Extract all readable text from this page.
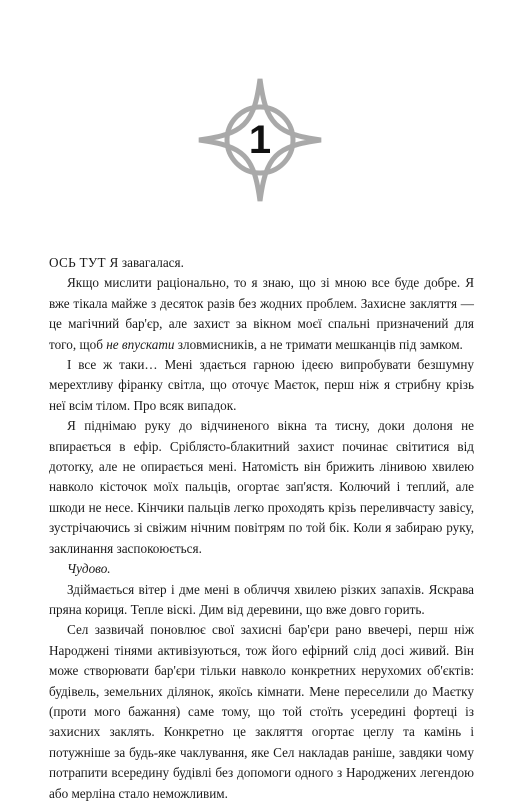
1

ОСЬ ТУТ Я завагалася.

Якщо мислити раціонально, то я знаю, що зі мною все буде добре. Я вже тікала майже з десяток разів без жодних проблем. Захисне закляття — це магічний бар'єр, але захист за вікном моєї спальні призначений для того, щоб не впускати зловмисників, а не тримати мешканців під замком.

І все ж таки… Мені здається гарною ідеєю випробувати безшумну мерехтливу фіранку світла, що оточує Маєток, перш ніж я стрибну крізь неї всім тілом. Про всяк випадок.

Я піднімаю руку до відчиненого вікна та тисну, доки долоня не впирається в ефір. Сріблясто-блакитний захист починає світитися від дотorку, але не опирається мені. Натомість він брижить лінивою хвилею навколо кісточок моїх пальців, огортає зап'ястя. Колючий і теплий, але шкоди не несе. Кінчики пальців легко проходять крізь переливчасту завісу, зустрічаючись зі свіжим нічним повітрям по той бік. Коли я забираю руку, заклинання заспокоюється.

Чудово.

Здіймається вітер і дме мені в обличчя хвилею різких запахів. Яскрава пряна кориця. Тепле віскі. Дим від деревини, що вже довго горить.

Сел зазвичай поновлює свої захисні бар'єри рано ввечері, перш ніж Народжені тінями активізуються, тож його ефірний слід досі живий. Він може створювати бар'єри тільки навколо конкретних нерухомих об'єктів: будівель, земельних ділянок, якоїсь кімнати. Мене переселили до Маєтку (проти мого бажання) саме тому, що той стоїть усередині фортеці із захисних заклять. Конкретно це закляття огортає цеглу та камінь і потужніше за будь-яке чаклування, яке Сел накладав раніше, завдяки чому потрапити всередину будівлі без допомоги одного з Народжених легендою або мерліна стало неможливим.
